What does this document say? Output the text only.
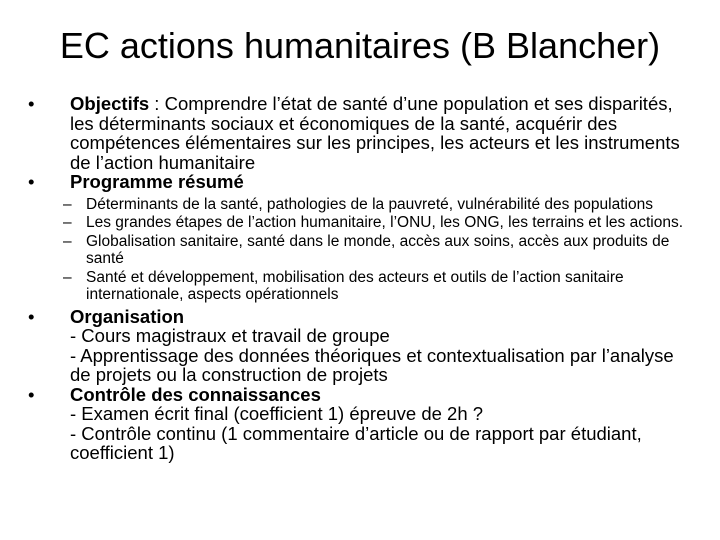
EC actions humanitaires (B Blancher)
•	Objectifs : Comprendre l’état de santé d’une population et ses disparités, les déterminants sociaux et économiques de la santé, acquérir des compétences élémentaires sur les principes, les acteurs et les instruments de l’action humanitaire
•	Programme résumé
– Déterminants de la santé, pathologies de la pauvreté, vulnérabilité des populations
– Les grandes étapes de l’action humanitaire, l’ONU, les ONG, les terrains et les actions.
– Globalisation sanitaire, santé dans le monde, accès aux soins, accès aux produits de santé
– Santé et développement, mobilisation des acteurs et outils de l’action sanitaire internationale, aspects opérationnels
•	Organisation
- Cours magistraux et travail de groupe
- Apprentissage des données théoriques et contextualisation par l’analyse de projets ou la construction de projets
•	Contrôle des connaissances
- Examen écrit final (coefficient 1) épreuve de 2h ?
- Contrôle continu (1 commentaire d’article ou de rapport par étudiant, coefficient 1)
